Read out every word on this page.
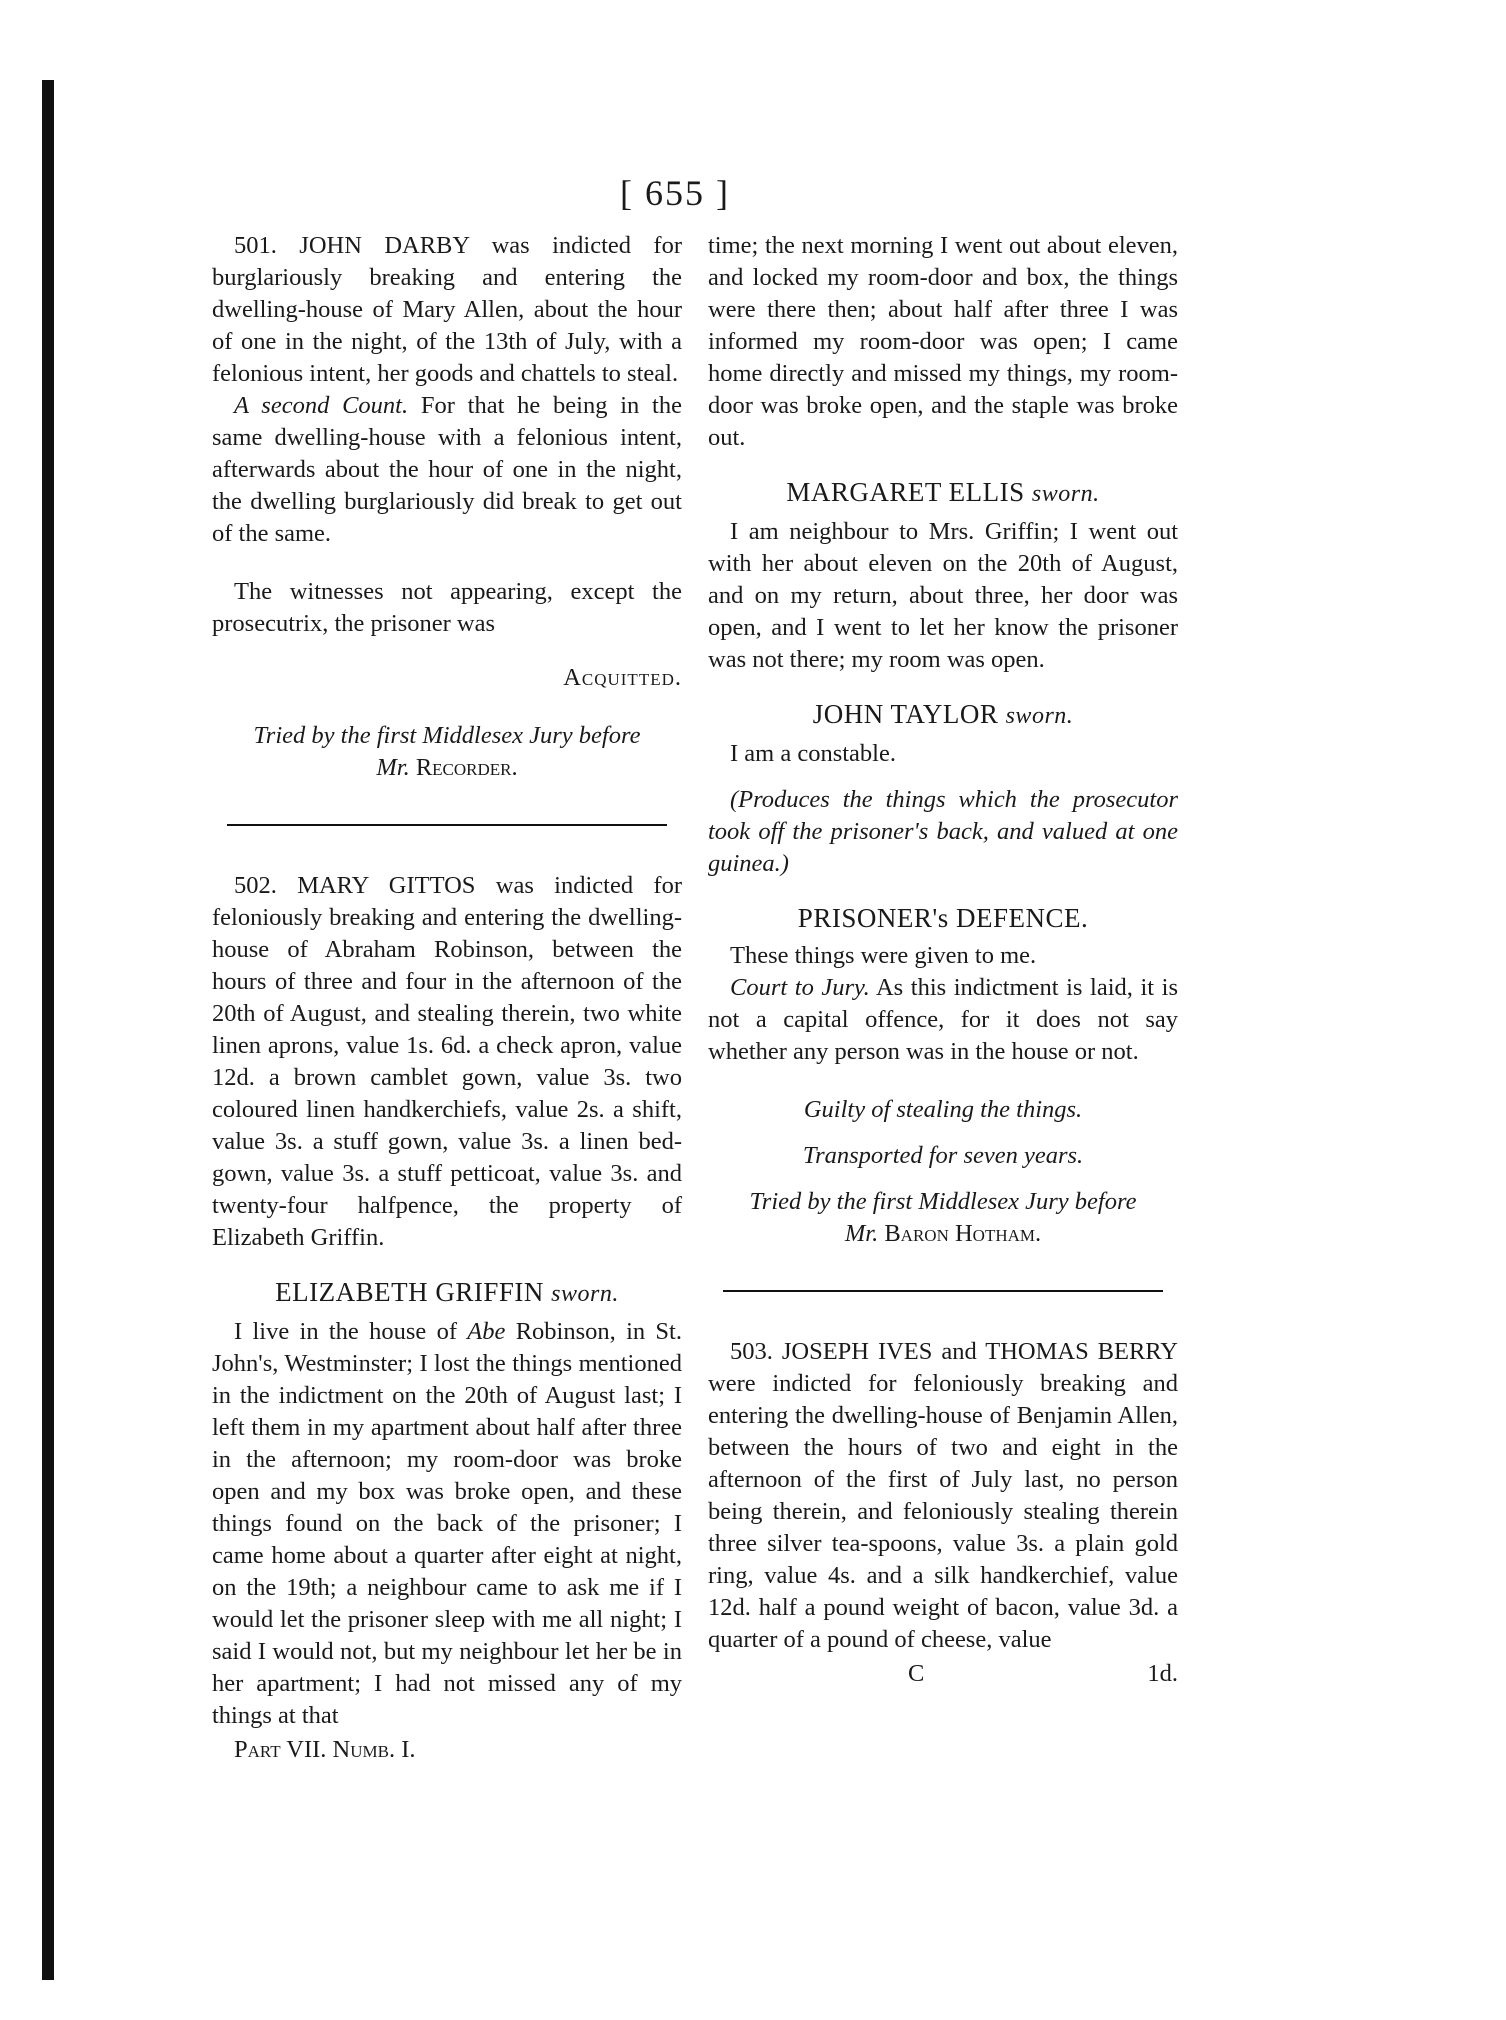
[ 655 ]

501. JOHN DARBY was indicted for burglariously breaking and entering the dwelling-house of Mary Allen, about the hour of one in the night, of the 13th of July, with a felonious intent, her goods and chattels to steal.

A second Count. For that he being in the same dwelling-house with a felonious intent, afterwards about the hour of one in the night, the dwelling burglariously did break to get out of the same.

The witnesses not appearing, except the prosecutrix, the prisoner was

Acquitted.

Tried by the first Middlesex Jury before

Mr. Recorder.

502. MARY GITTOS was indicted for feloniously breaking and entering the dwelling-house of Abraham Robinson, between the hours of three and four in the afternoon of the 20th of August, and stealing therein, two white linen aprons, value 1s. 6d. a check apron, value 12d. a brown camblet gown, value 3s. two coloured linen handkerchiefs, value 2s. a shift, value 3s. a stuff gown, value 3s. a linen bed-gown, value 3s. a stuff petticoat, value 3s. and twenty-four halfpence, the property of Elizabeth Griffin.

ELIZABETH GRIFFIN sworn.

I live in the house of Abe Robinson, in St. John's, Westminster; I lost the things mentioned in the indictment on the 20th of August last; I left them in my apartment about half after three in the afternoon; my room-door was broke open and my box was broke open, and these things found on the back of the prisoner; I came home about a quarter after eight at night, on the 19th; a neighbour came to ask me if I would let the prisoner sleep with me all night; I said I would not, but my neighbour let her be in her apartment; I had not missed any of my things at that

Part VII. Numb. I.

time; the next morning I went out about eleven, and locked my room-door and box, the things were there then; about half after three I was informed my room-door was open; I came home directly and missed my things, my room-door was broke open, and the staple was broke out.

MARGARET ELLIS sworn.

I am neighbour to Mrs. Griffin; I went out with her about eleven on the 20th of August, and on my return, about three, her door was open, and I went to let her know the prisoner was not there; my room was open.

JOHN TAYLOR sworn.

I am a constable.

(Produces the things which the prosecutor took off the prisoner's back, and valued at one guinea.)

PRISONER's DEFENCE.

These things were given to me.

Court to Jury. As this indictment is laid, it is not a capital offence, for it does not say whether any person was in the house or not.

Guilty of stealing the things.

Transported for seven years.

Tried by the first Middlesex Jury before

Mr. Baron Hotham.

503. JOSEPH IVES and THOMAS BERRY were indicted for feloniously breaking and entering the dwelling-house of Benjamin Allen, between the hours of two and eight in the afternoon of the first of July last, no person being therein, and feloniously stealing therein three silver tea-spoons, value 3s. a plain gold ring, value 4s. and a silk handkerchief, value 12d. half a pound weight of bacon, value 3d. a quarter of a pound of cheese, value

C	1d.
